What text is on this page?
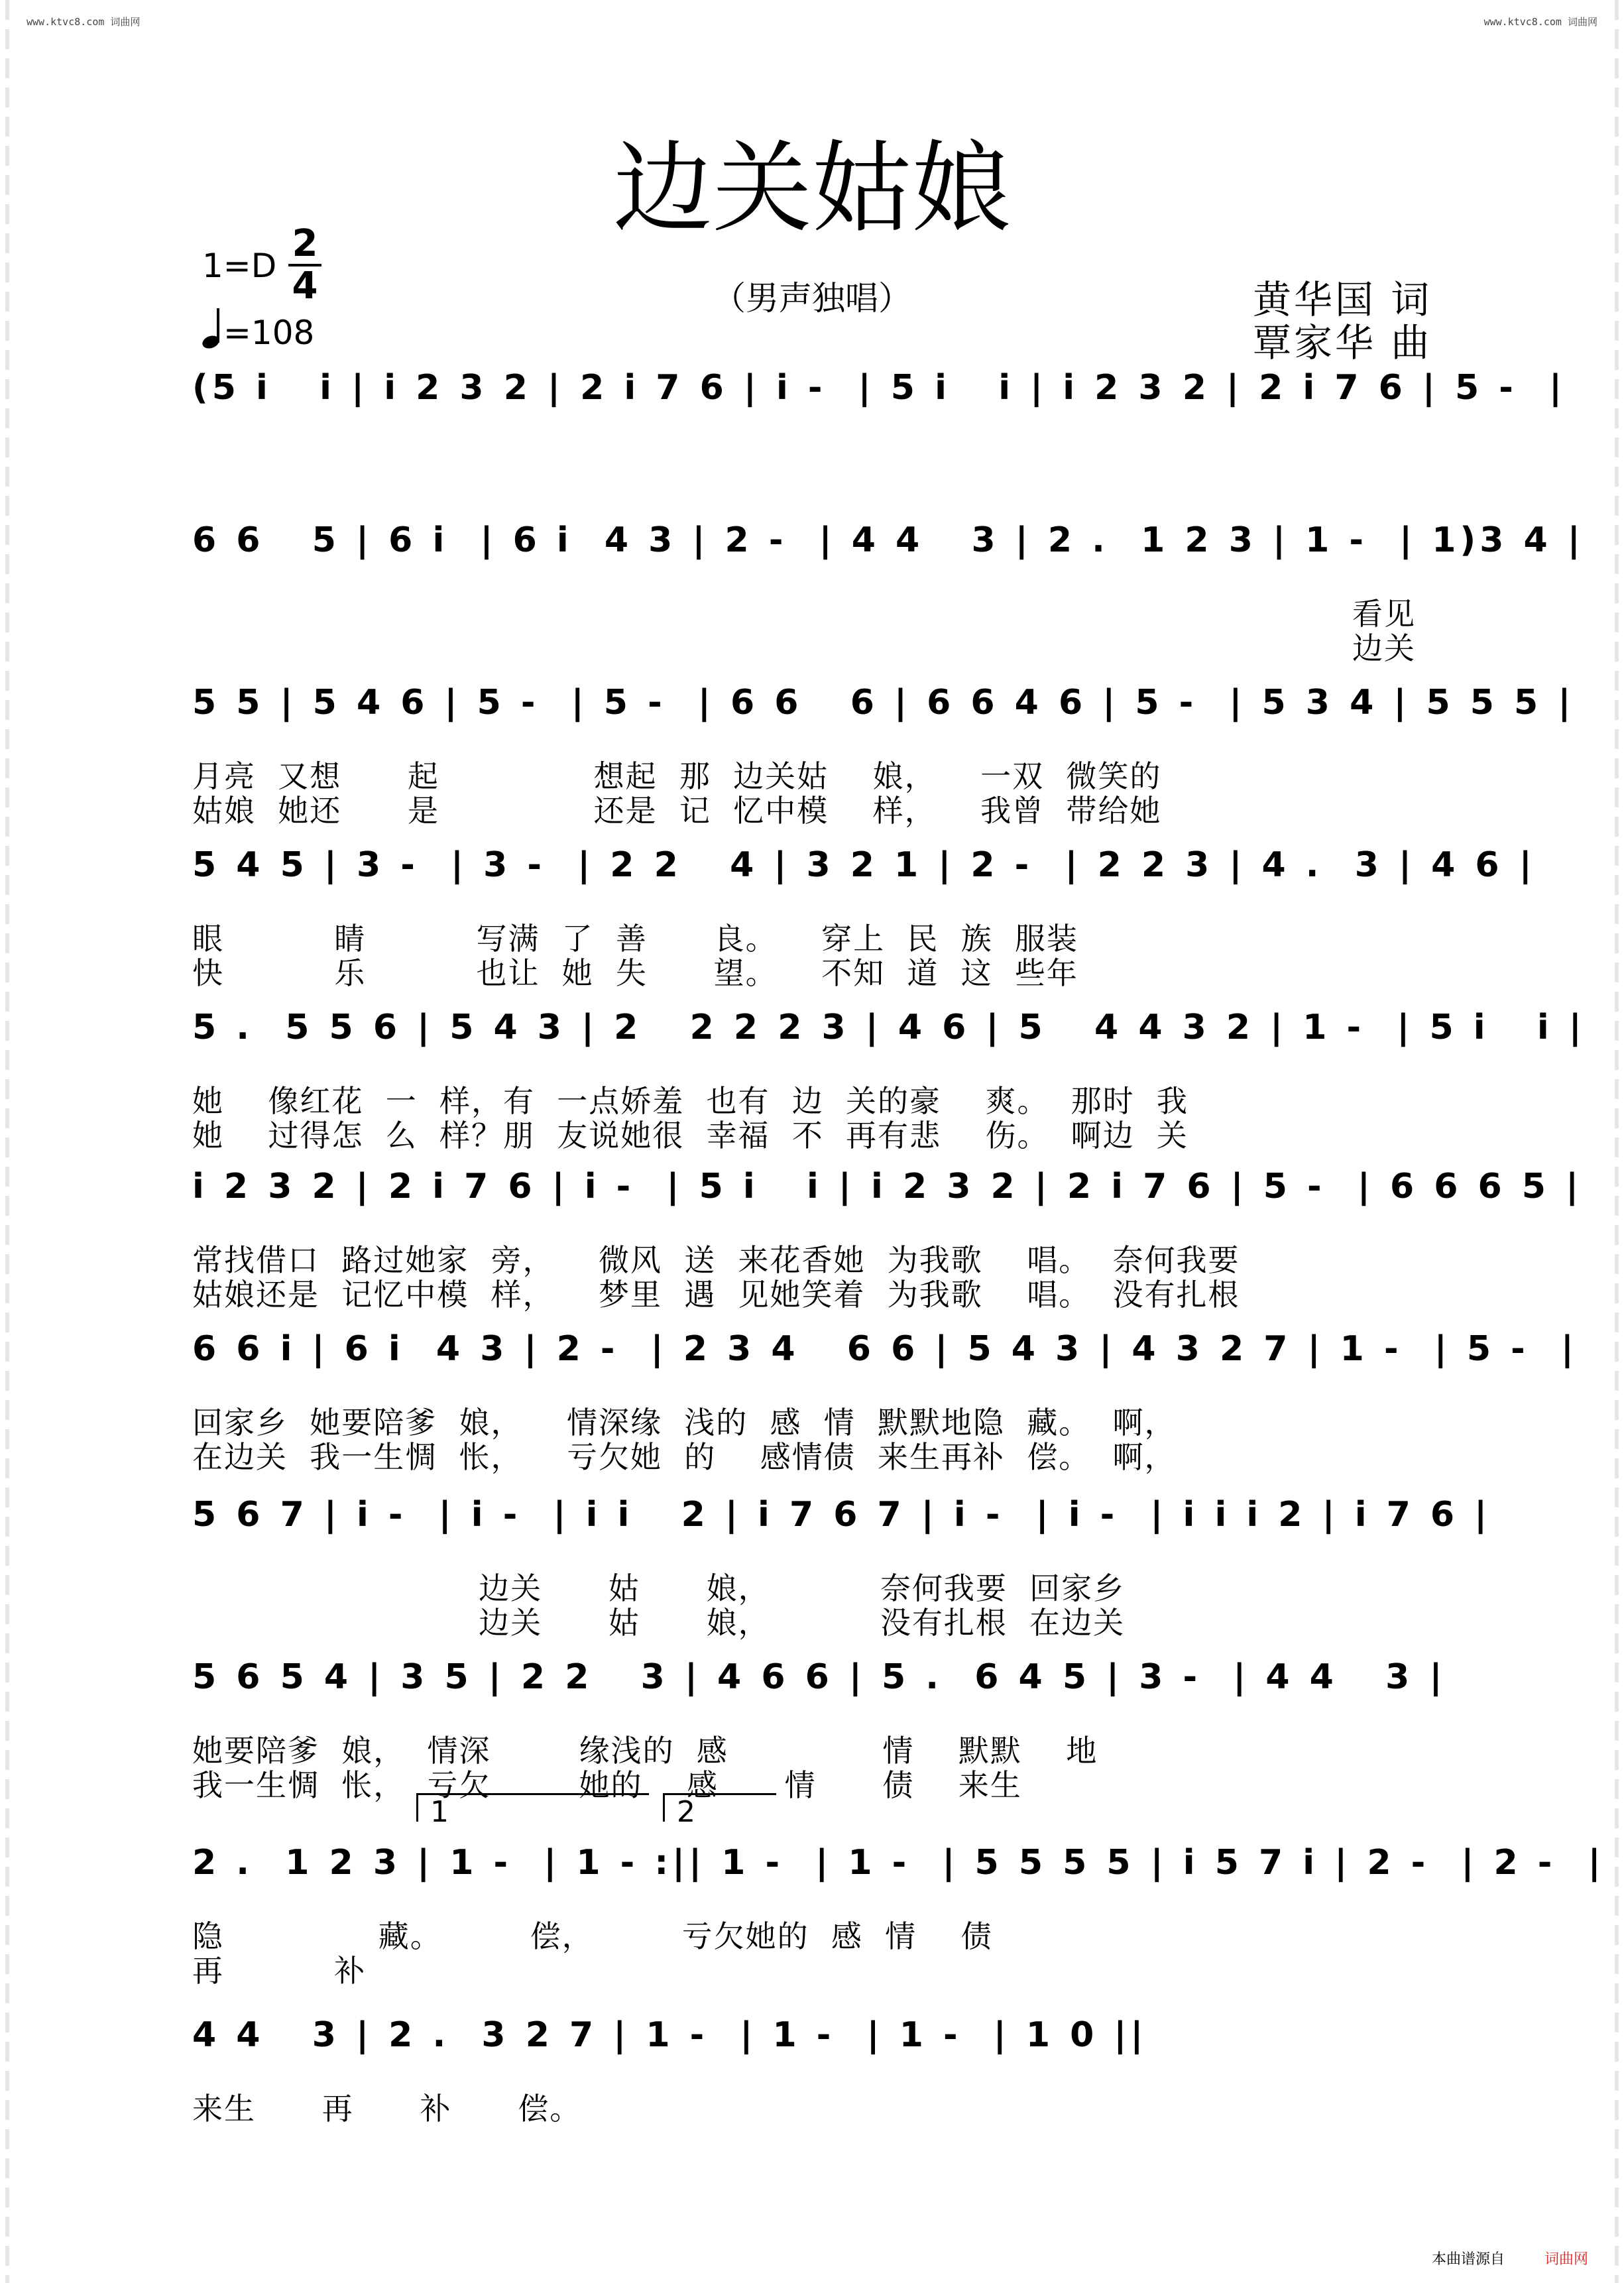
www.ktvc8.com 词曲网	www.ktvc8.com 词曲网
边关姑娘
（男声独唱）
1=D
2
4
=108
黄华国 词
覃家华 曲
(5 i   i | i 2 3 2 | 2 i 7 6 | i -  | 5 i   i | i 2 3 2 | 2 i 7 6 | 5 -  |
6 6   5 | 6 i  | 6 i  4 3 | 2 -  | 4 4   3 | 2 .  1 2 3 | 1 -  | 1)3 4 |
看见
边关
5 5 | 5 4 6 | 5 -  | 5 -  | 6 6   6 | 6 6 4 6 | 5 -  | 5 3 4 | 5 5 5 |
月亮  又想      起              想起  那  边关姑    娘，    一双  微笑的
姑娘  她还      是              还是  记  忆中模    样，    我曾  带给她
5 4 5 | 3 -  | 3 -  | 2 2   4 | 3 2 1 | 2 -  | 2 2 3 | 4 .  3 | 4 6 |
眼          睛          写满  了  善      良。    穿上  民  族  服装
快          乐          也让  她  失      望。    不知  道  这  些年
5 .  5 5 6 | 5 4 3 | 2   2 2 2 3 | 4 6 | 5   4 4 3 2 | 1 -  | 5 i   i |
她    像红花  一  样，有  一点娇羞  也有  边  关的豪    爽。  那时  我
她    过得怎  么  样？朋  友说她很  幸福  不  再有悲    伤。  啊边  关
i 2 3 2 | 2 i 7 6 | i -  | 5 i   i | i 2 3 2 | 2 i 7 6 | 5 -  | 6 6 6 5 |
常找借口  路过她家  旁，    微风  送  来花香她  为我歌    唱。  奈何我要
姑娘还是  记忆中模  样，    梦里  遇  见她笑着  为我歌    唱。  没有扎根
6 6 i | 6 i  4 3 | 2 -  | 2 3 4   6 6 | 5 4 3 | 4 3 2 7 | 1 -  | 5 -  |
回家乡  她要陪爹  娘，    情深缘  浅的  感  情  默默地隐  藏。  啊，
在边关  我一生惆  怅，    亏欠她  的    感情债  来生再补  偿。  啊，
5 6 7 | i -  | i -  | i i   2 | i 7 6 7 | i -  | i -  | i i i 2 | i 7 6 |
边关      姑      娘，          奈何我要  回家乡
边关      姑      娘，          没有扎根  在边关
5 6 5 4 | 3 5 | 2 2   3 | 4 6 6 | 5 .  6 4 5 | 3 -  | 4 4   3 |
她要陪爹  娘，  情深        缘浅的  感              情    默默    地
我一生惆  怅，  亏欠        她的    感      情      债    来生
2 .  1 2 3 | 1 -  | 1 - :|| 1 -  | 1 -  | 5 5 5 5 | i 5 7 i | 2 -  | 2 -  |
隐              藏。        偿，        亏欠她的  感  情    债
再          补
4 4   3 | 2 .  3 2 7 | 1 -  | 1 -  | 1 -  | 1 0 ||
来生      再      补      偿。
1	2
本曲谱源自	词曲网
